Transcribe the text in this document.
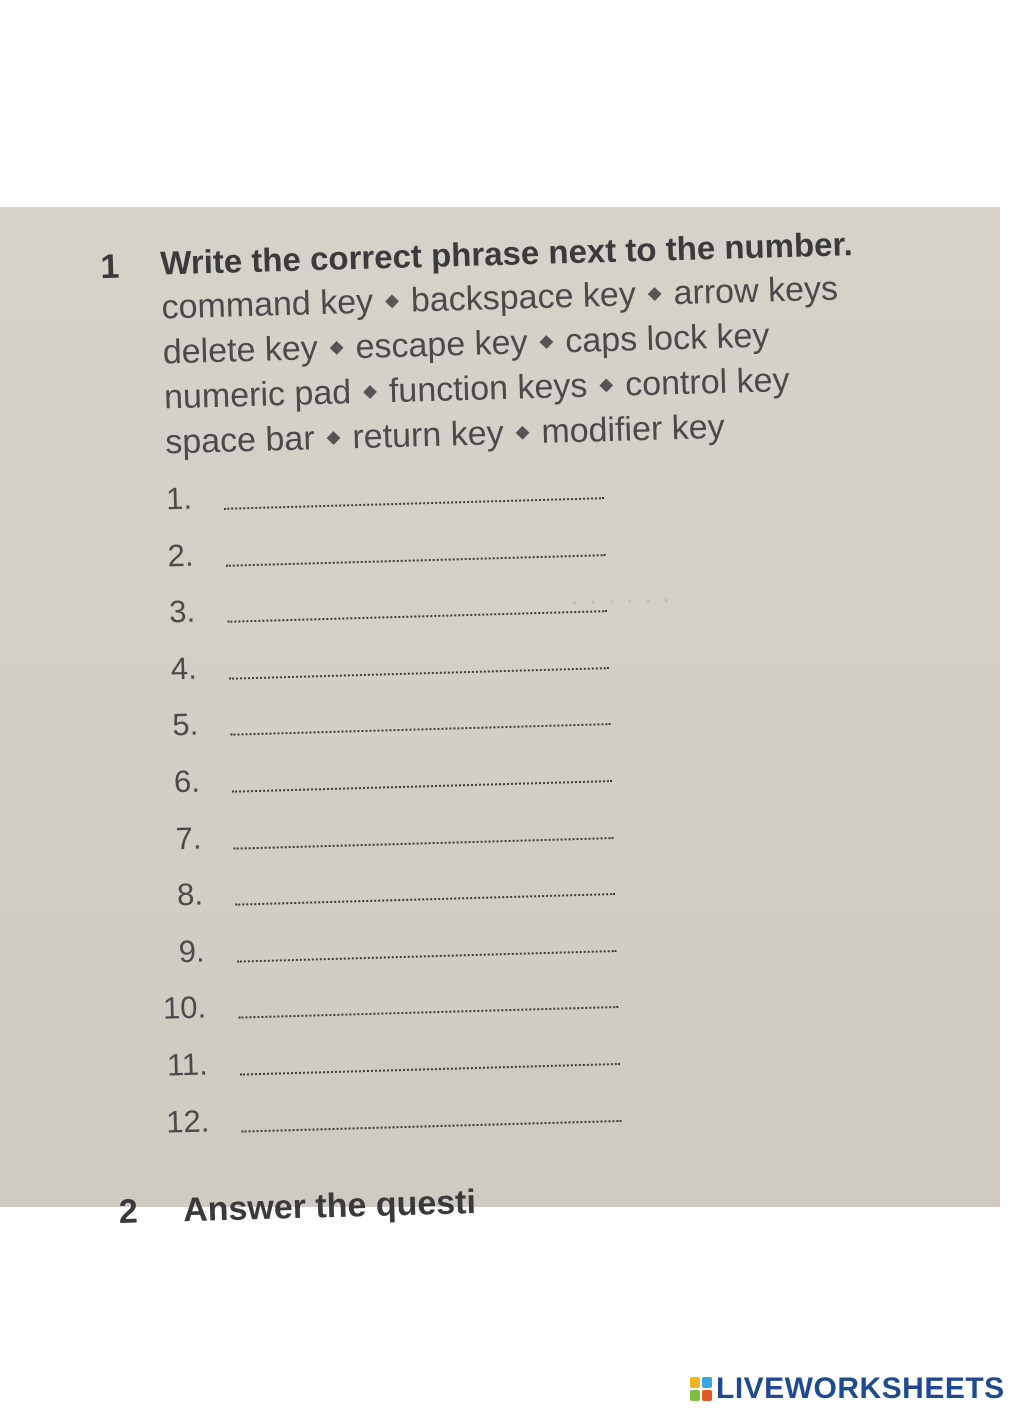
· · · · · ·
1 Write the correct phrase next to the number.
command key ◆ backspace key ◆ arrow keys
delete key ◆ escape key ◆ caps lock key
numeric pad ◆ function keys ◆ control key
space bar ◆ return key ◆ modifier key
1.
2.
3.
4.
5.
6.
7.
8.
9.
10.
11.
12.
2 Answer the questi
LIVEWORKSHEETS
